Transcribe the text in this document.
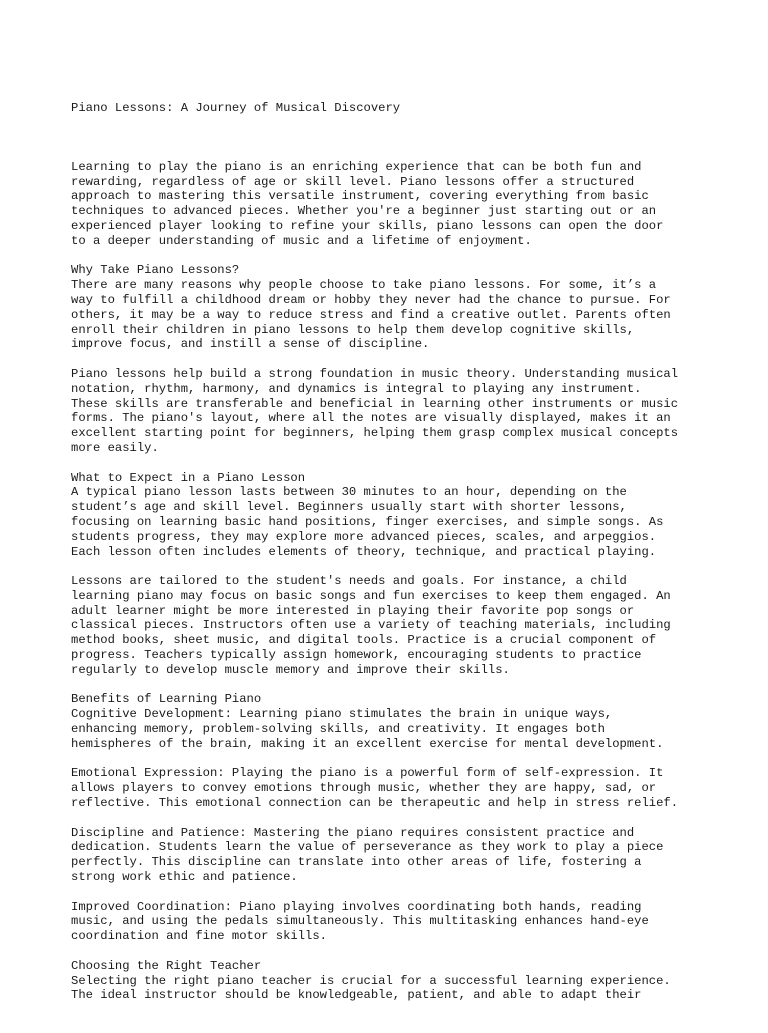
Piano Lessons: A Journey of Musical Discovery

Learning to play the piano is an enriching experience that can be both fun and
rewarding, regardless of age or skill level. Piano lessons offer a structured
approach to mastering this versatile instrument, covering everything from basic
techniques to advanced pieces. Whether you're a beginner just starting out or an
experienced player looking to refine your skills, piano lessons can open the door
to a deeper understanding of music and a lifetime of enjoyment.
Why Take Piano Lessons?
There are many reasons why people choose to take piano lessons. For some, it’s a
way to fulfill a childhood dream or hobby they never had the chance to pursue. For
others, it may be a way to reduce stress and find a creative outlet. Parents often
enroll their children in piano lessons to help them develop cognitive skills,
improve focus, and instill a sense of discipline.
Piano lessons help build a strong foundation in music theory. Understanding musical
notation, rhythm, harmony, and dynamics is integral to playing any instrument.
These skills are transferable and beneficial in learning other instruments or music
forms. The piano's layout, where all the notes are visually displayed, makes it an
excellent starting point for beginners, helping them grasp complex musical concepts
more easily.
What to Expect in a Piano Lesson
A typical piano lesson lasts between 30 minutes to an hour, depending on the
student’s age and skill level. Beginners usually start with shorter lessons,
focusing on learning basic hand positions, finger exercises, and simple songs. As
students progress, they may explore more advanced pieces, scales, and arpeggios.
Each lesson often includes elements of theory, technique, and practical playing.
Lessons are tailored to the student's needs and goals. For instance, a child
learning piano may focus on basic songs and fun exercises to keep them engaged. An
adult learner might be more interested in playing their favorite pop songs or
classical pieces. Instructors often use a variety of teaching materials, including
method books, sheet music, and digital tools. Practice is a crucial component of
progress. Teachers typically assign homework, encouraging students to practice
regularly to develop muscle memory and improve their skills.
Benefits of Learning Piano
Cognitive Development: Learning piano stimulates the brain in unique ways,
enhancing memory, problem-solving skills, and creativity. It engages both
hemispheres of the brain, making it an excellent exercise for mental development.
Emotional Expression: Playing the piano is a powerful form of self-expression. It
allows players to convey emotions through music, whether they are happy, sad, or
reflective. This emotional connection can be therapeutic and help in stress relief.
Discipline and Patience: Mastering the piano requires consistent practice and
dedication. Students learn the value of perseverance as they work to play a piece
perfectly. This discipline can translate into other areas of life, fostering a
strong work ethic and patience.
Improved Coordination: Piano playing involves coordinating both hands, reading
music, and using the pedals simultaneously. This multitasking enhances hand-eye
coordination and fine motor skills.
Choosing the Right Teacher
Selecting the right piano teacher is crucial for a successful learning experience.
The ideal instructor should be knowledgeable, patient, and able to adapt their
